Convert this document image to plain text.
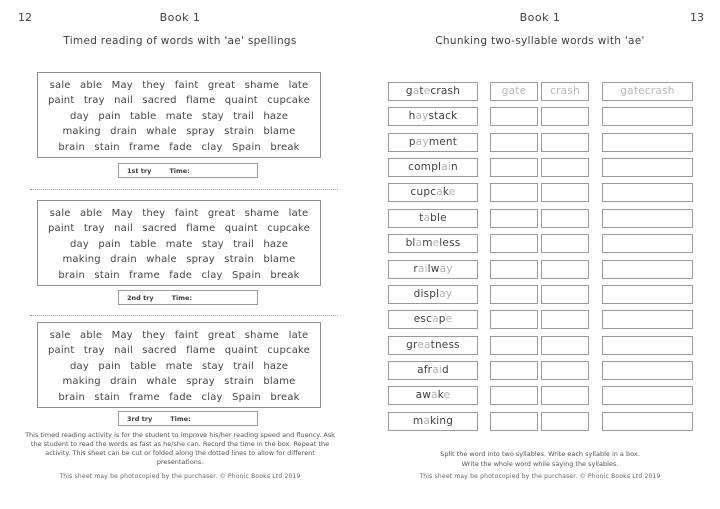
12	Book 1
Timed reading of words with 'ae' spellings
sale able May they faint great shame late
paint tray nail sacred flame quaint cupcake
day pain table mate stay trail haze
making drain whale spray strain blame
brain stain frame fade clay Spain break
1st try	Time:
sale able May they faint great shame late
paint tray nail sacred flame quaint cupcake
day pain table mate stay trail haze
making drain whale spray strain blame
brain stain frame fade clay Spain break
2nd try	Time:
sale able May they faint great shame late
paint tray nail sacred flame quaint cupcake
day pain table mate stay trail haze
making drain whale spray strain blame
brain stain frame fade clay Spain break
3rd try	Time:
This timed reading activity is for the student to improve his/her reading speed and fluency. Ask the student to read the words as fast as he/she can. Record the time in the box. Repeat the activity. This sheet can be cut or folded along the dotted lines to allow for different presentations.
This sheet may be photocopied by the purchaser. © Phonic Books Ltd 2019
13
Book 1
Chunking two-syllable words with 'ae'
gatecrash	gate	crash	gatecrash
haystack
payment
complain
cupcake
table
blameless
railway
display
escape
greatness
afraid
awake
making
Split the word into two syllables. Write each syllable in a box.
Write the whole word while saying the syllables.
This sheet may be photocopied by the purchaser. © Phonic Books Ltd 2019
